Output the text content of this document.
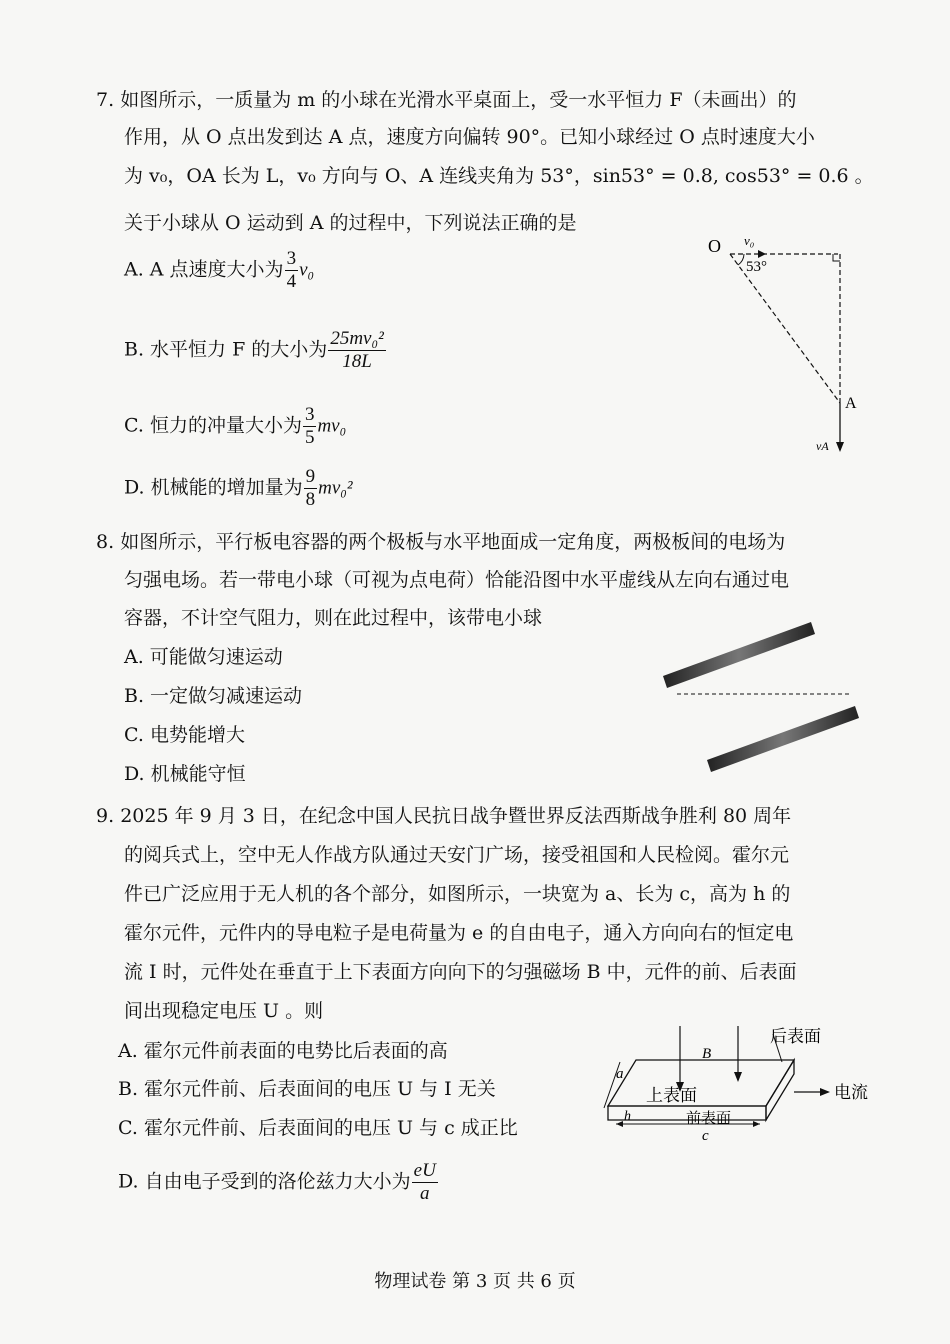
7. 如图所示，一质量为 m 的小球在光滑水平桌面上，受一水平恒力 F（未画出）的
作用，从 O 点出发到达 A 点，速度方向偏转 90°。已知小球经过 O 点时速度大小
为 v₀，OA 长为 L，v₀ 方向与 O、A 连线夹角为 53°，sin53° = 0.8, cos53° = 0.6 。
关于小球从 O 运动到 A 的过程中，下列说法正确的是
A. A 点速度大小为 $\frac{3}{4} v_0$
B. 水平恒力 F 的大小为 $\frac{\text{25mv₀²}}{18L}$
C. 恒力的冲量大小为 $\frac{3}{5} mv_0$
D. 机械能的增加量为 $\frac{9}{8} mv_0^2$
O v₀
53°
A
vA
8. 如图所示，平行板电容器的两个极板与水平地面成一定角度，两极板间的电场为
匀强电场。若一带电小球（可视为点电荷）恰能沿图中水平虚线从左向右通过电
容器，不计空气阻力，则在此过程中，该带电小球
A. 可能做匀速运动
B. 一定做匀减速运动
C. 电势能增大
D. 机械能守恒
9. 2025 年 9 月 3 日，在纪念中国人民抗日战争暨世界反法西斯战争胜利 80 周年
的阅兵式上，空中无人作战方队通过天安门广场，接受祖国和人民检阅。霍尔元
件已广泛应用于无人机的各个部分，如图所示，一块宽为 a、长为 c，高为 h 的
霍尔元件，元件内的导电粒子是电荷量为 e 的自由电子，通入方向向右的恒定电
流 I 时，元件处在垂直于上下表面方向向下的匀强磁场 B 中，元件的前、后表面
间出现稳定电压 U 。则
A. 霍尔元件前表面的电势比后表面的高
B. 霍尔元件前、后表面间的电压 U 与 I 无关
C. 霍尔元件前、后表面间的电压 U 与 c 成正比
D. 自由电子受到的洛伦兹力大小为 $\frac{eU}{a}$
后表面
B
上表面	电流
前表面
a
h
c
物理试卷 第 3 页 共 6 页
